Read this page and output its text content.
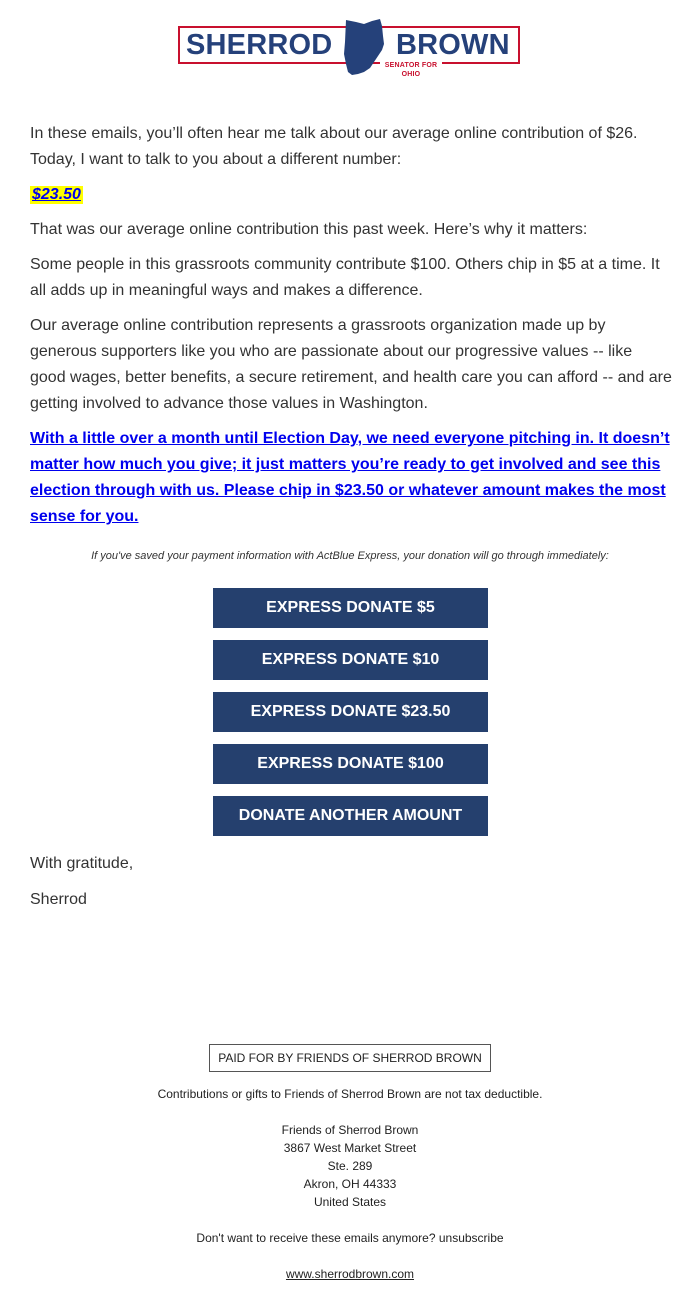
SHERROD BROWN
SENATOR FOR OHIO

In these emails, you’ll often hear me talk about our average online contribution of $26. Today, I want to talk to you about a different number:

$23.50

That was our average online contribution this past week. Here’s why it matters:

Some people in this grassroots community contribute $100. Others chip in $5 at a time. It all adds up in meaningful ways and makes a difference.

Our average online contribution represents a grassroots organization made up by generous supporters like you who are passionate about our progressive values -- like good wages, better benefits, a secure retirement, and health care you can afford -- and are getting involved to advance those values in Washington.

With a little over a month until Election Day, we need everyone pitching in. It doesn’t matter how much you give; it just matters you’re ready to get involved and see this election through with us. Please chip in $23.50 or whatever amount makes the most sense for you.
If you've saved your payment information with ActBlue Express, your donation will go through immediately:
EXPRESS DONATE $5
EXPRESS DONATE $10
EXPRESS DONATE $23.50
EXPRESS DONATE $100
DONATE ANOTHER AMOUNT
With gratitude,
Sherrod
PAID FOR BY FRIENDS OF SHERROD BROWN
Contributions or gifts to Friends of Sherrod Brown are not tax deductible.
Friends of Sherrod Brown
3867 West Market Street
Ste. 289
Akron, OH 44333
United States
Don't want to receive these emails anymore? unsubscribe
www.sherrodbrown.com
